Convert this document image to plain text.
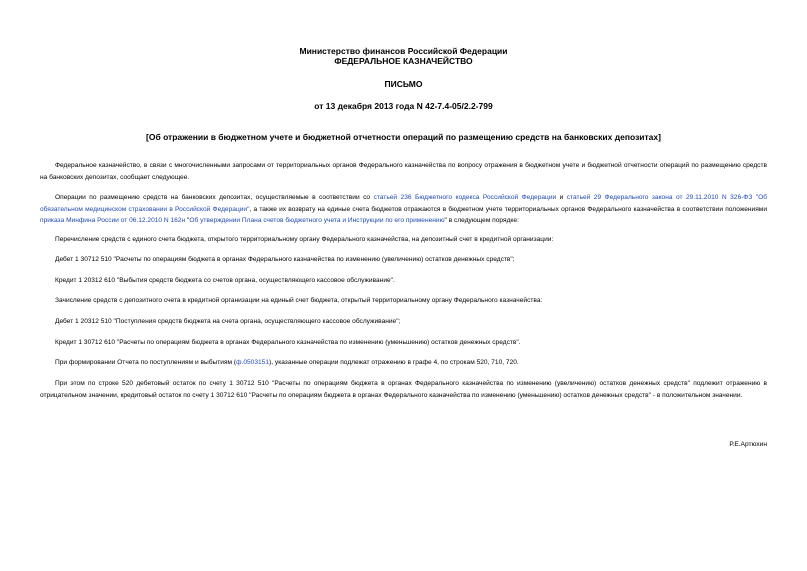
Министерство финансов Российской Федерации
ФЕДЕРАЛЬНОЕ КАЗНАЧЕЙСТВО
ПИСЬМО
от 13 декабря 2013 года N 42-7.4-05/2.2-799
[Об отражении в бюджетном учете и бюджетной отчетности операций по размещению средств на банковских депозитах]
Федеральное казначейство, в связи с многочисленными запросами от территориальных органов Федерального казначейства по вопросу отражения в бюджетном учете и бюджетной отчетности операций по размещению средств на банковских депозитах, сообщает следующее.
Операции по размещению средств на банковских депозитах, осуществляемые в соответствии со статьей 236 Бюджетного кодекса Российской Федерации и статьей 29 Федерального закона от 29.11.2010 N 326-ФЗ "Об обязательном медицинском страховании в Российской Федерации", а также их возврату на единые счета бюджетов отражаются в бюджетном учете территориальных органов Федерального казначейства в соответствии положениями приказа Минфина России от 06.12.2010 N 162н "Об утверждении Плана счетов бюджетного учета и Инструкции по его применению" в следующем порядке:
Перечисление средств с единого счета бюджета, открытого территориальному органу Федерального казначейства, на депозитный счет в кредитной организации:
Дебет 1 30712 510 "Расчеты по операциям бюджета в органах Федерального казначейства по изменению (увеличению) остатков денежных средств";
Кредит 1 20312 610 "Выбытия средств бюджета со счетов органа, осуществляющего кассовое обслуживание".
Зачисление средств с депозитного счета в кредитной организации на единый счет бюджета, открытый территориальному органу Федерального казначейства:
Дебет 1 20312 510 "Поступления средств бюджета на счета органа, осуществляющего кассовое обслуживание";
Кредит 1 30712 610 "Расчеты по операциям бюджета в органах Федерального казначейства по изменению (уменьшению) остатков денежных средств".
При формировании Отчета по поступлениям и выбытиям (ф.0503151), указанные операции подлежат отражению в графе 4, по строкам 520, 710, 720.
При этом по строке 520 дебетовый остаток по счету 1 30712 510 "Расчеты по операциям бюджета в органах Федерального казначейства по изменению (увеличению) остатков денежных средств" подлежит отражению в отрицательном значении, кредитовый остаток по счету 1 30712 610 "Расчеты по операциям бюджета в органах Федерального казначейства по изменению (уменьшению) остатков денежных средств" - в положительном значении.
Р.Е.Артюхин
